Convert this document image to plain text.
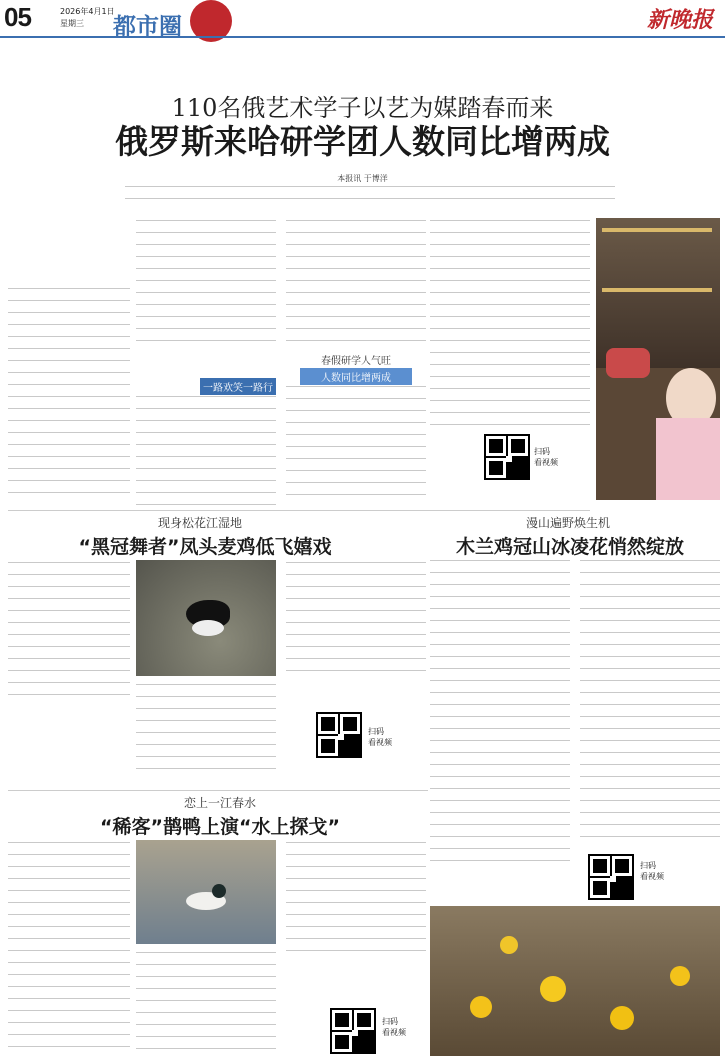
05	2026年4月1日
星期三	都市圈	新晚报
110名俄艺术学子以艺为媒踏春而来
俄罗斯来哈研学团人数同比增两成
本报讯 于博洋
一路欢笑一路行
春假研学人气旺
人数同比增两成
扫码
看视频
现身松花江湿地
“黑冠舞者”凤头麦鸡低飞嬉戏
扫码
看视频
漫山遍野焕生机
木兰鸡冠山冰凌花悄然绽放
扫码
看视频
恋上一江春水
“稀客”鹊鸭上演“水上探戈”
扫码
看视频
